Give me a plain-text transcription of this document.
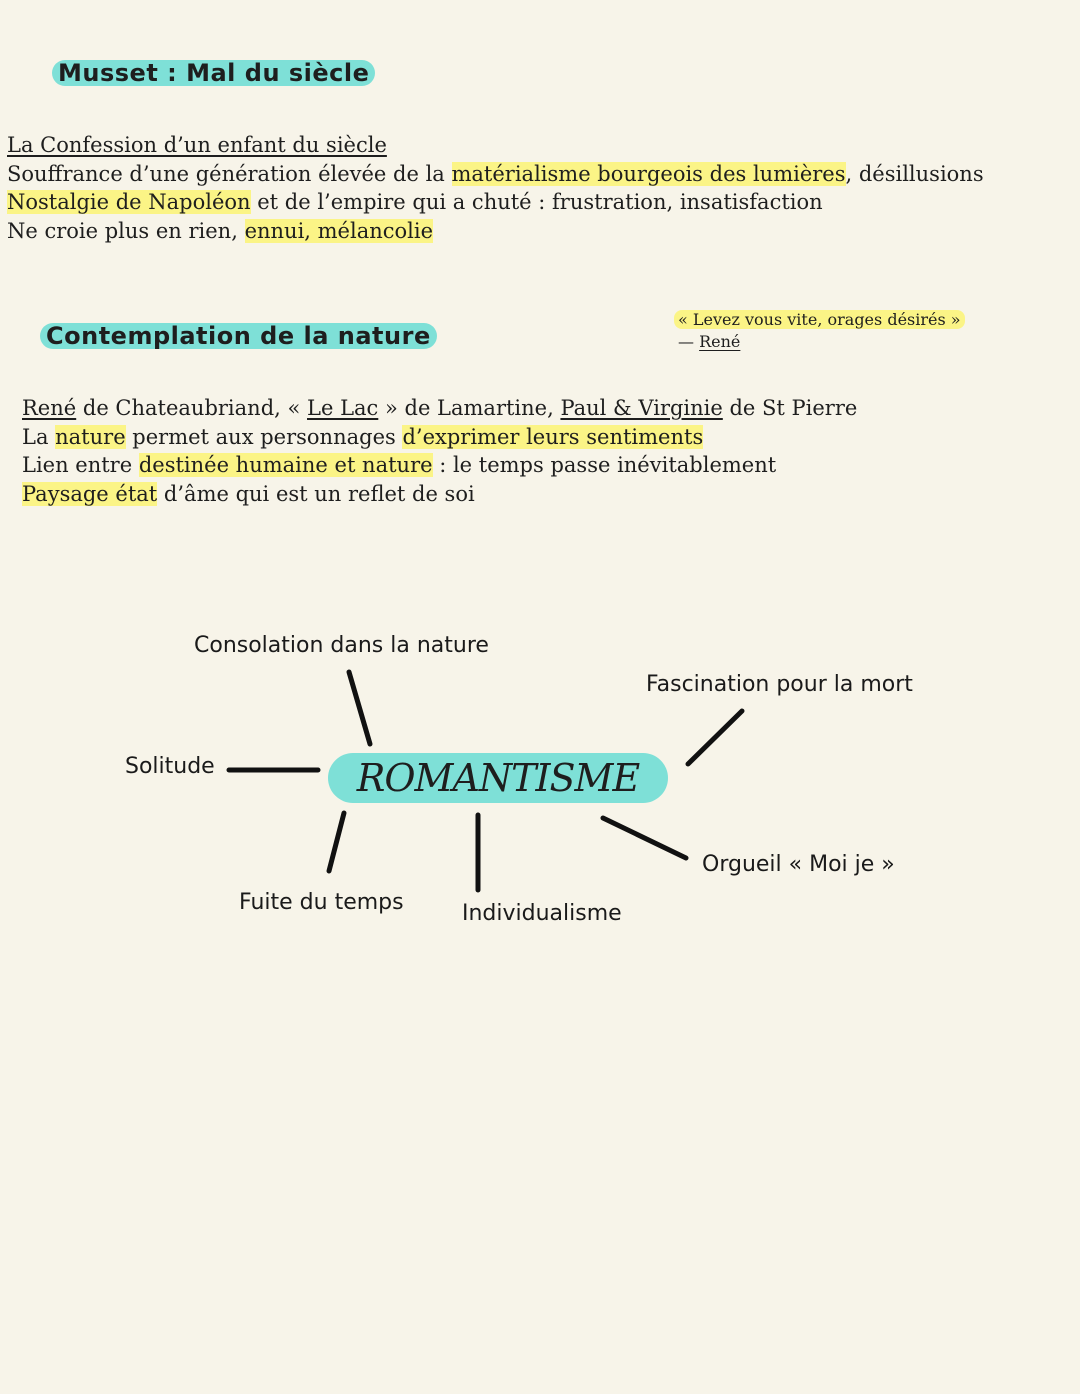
Musset : Mal du siècle
La Confession d’un enfant du siècle
Souffrance d’une génération élevée de la matérialisme bourgeois des lumières, désillusions
Nostalgie de Napoléon et de l’empire qui a chuté : frustration, insatisfaction
Ne croie plus en rien, ennui, mélancolie
Contemplation de la nature
« Levez vous vite, orages désirés »
— René
René de Chateaubriand, « Le Lac » de Lamartine, Paul & Virginie de St Pierre
La nature permet aux personnages d’exprimer leurs sentiments
Lien entre destinée humaine et nature : le temps passe inévitablement
Paysage état d’âme qui est un reflet de soi
ROMANTISME
Consolation dans la nature
Fascination pour la mort
Solitude
Fuite du temps	Individualisme
Orgueil « Moi je »
